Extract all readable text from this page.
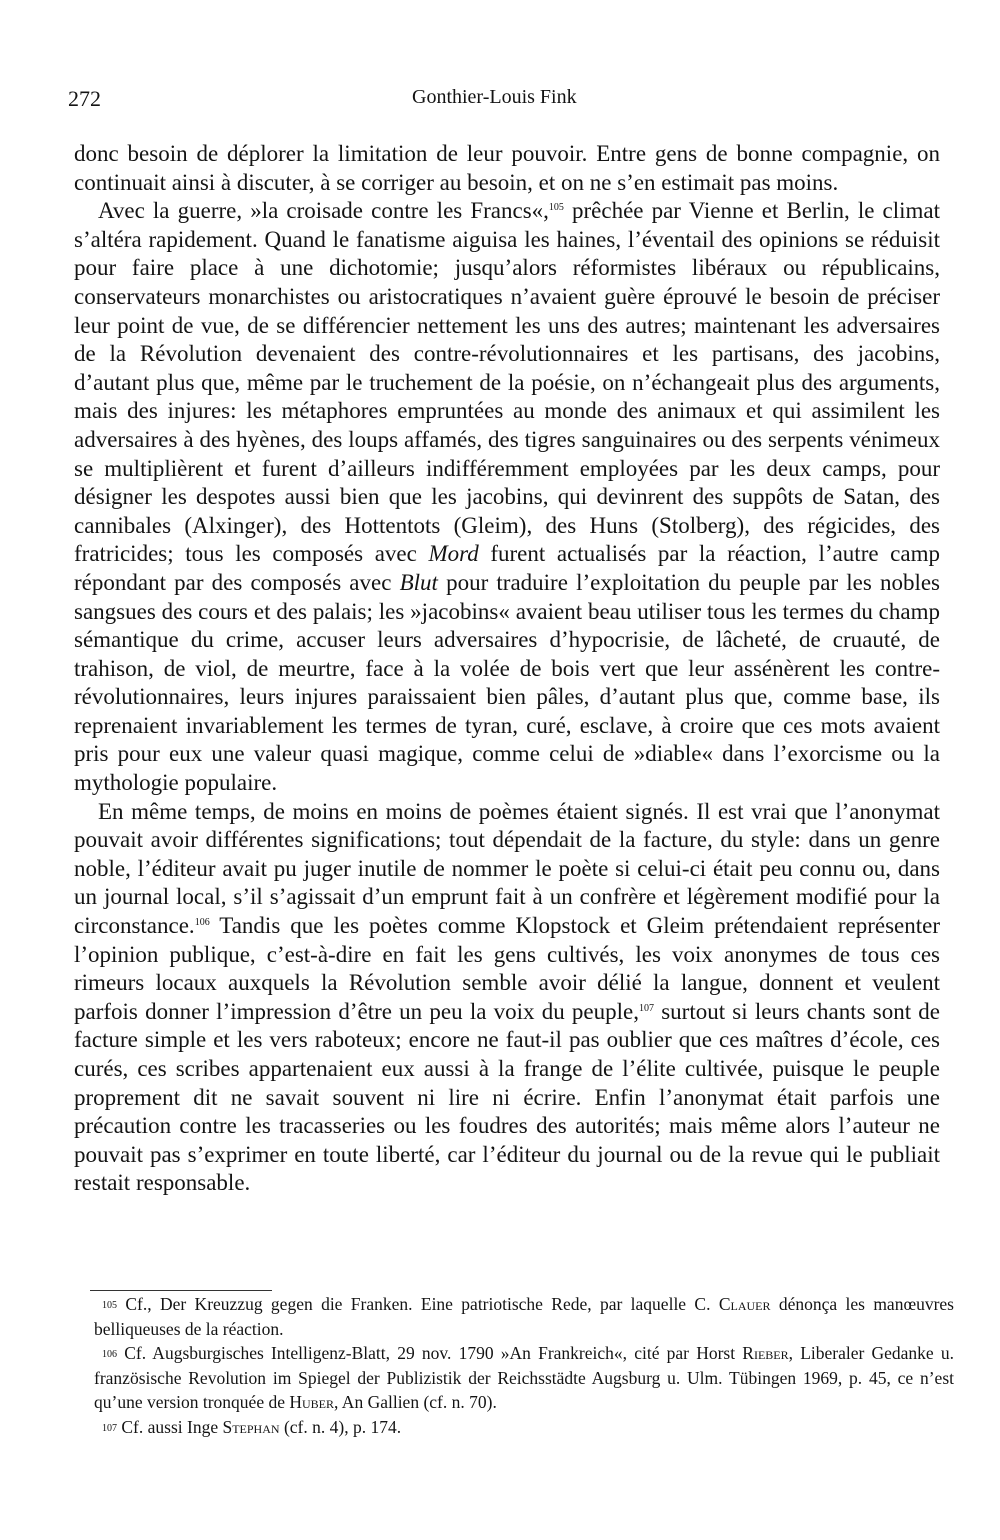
272	Gonthier-Louis Fink

donc besoin de déplorer la limitation de leur pouvoir. Entre gens de bonne compagnie, on continuait ainsi à discuter, à se corriger au besoin, et on ne s’en estimait pas moins.

Avec la guerre, »la croisade contre les Francs«,$^{105}$ prêchée par Vienne et Berlin, le climat s’altéra rapidement. Quand le fanatisme aiguisa les haines, l’éventail des opinions se réduisit pour faire place à une dichotomie; jusqu’alors réformistes libéraux ou républicains, conservateurs monarchistes ou aristocratiques n’avaient guère éprouvé le besoin de préciser leur point de vue, de se différencier nettement les uns des autres; maintenant les adversaires de la Révolution devenaient des contre-révolutionnaires et les partisans, des jacobins, d’autant plus que, même par le truchement de la poésie, on n’échangeait plus des arguments, mais des injures: les métaphores empruntées au monde des animaux et qui assimilent les adversaires à des hyènes, des loups affamés, des tigres sanguinaires ou des serpents vénimeux se multiplièrent et furent d’ailleurs indifféremment employées par les deux camps, pour désigner les despotes aussi bien que les jacobins, qui devinrent des suppôts de Satan, des cannibales (Alxinger), des Hottentots (Gleim), des Huns (Stolberg), des régicides, des fratricides; tous les composés avec Mord furent actualisés par la réaction, l’autre camp répondant par des composés avec Blut pour traduire l’exploitation du peuple par les nobles sangsues des cours et des palais; les »jacobins« avaient beau utiliser tous les termes du champ sémantique du crime, accuser leurs adversaires d’hypocrisie, de lâcheté, de cruauté, de trahison, de viol, de meurtre, face à la volée de bois vert que leur assénèrent les contre-révolutionnaires, leurs injures paraissaient bien pâles, d’autant plus que, comme base, ils reprenaient invariablement les termes de tyran, curé, esclave, à croire que ces mots avaient pris pour eux une valeur quasi magique, comme celui de »diable« dans l’exorcisme ou la mythologie populaire.

En même temps, de moins en moins de poèmes étaient signés. Il est vrai que l’anonymat pouvait avoir différentes significations; tout dépendait de la facture, du style: dans un genre noble, l’éditeur avait pu juger inutile de nommer le poète si celui-ci était peu connu ou, dans un journal local, s’il s’agissait d’un emprunt fait à un confrère et légèrement modifié pour la circonstance.$^{106}$ Tandis que les poètes comme Klopstock et Gleim prétendaient représenter l’opinion publique, c’est-à-dire en fait les gens cultivés, les voix anonymes de tous ces rimeurs locaux auxquels la Révolution semble avoir délié la langue, donnent et veulent parfois donner l’impression d’être un peu la voix du peuple,$^{107}$ surtout si leurs chants sont de facture simple et les vers raboteux; encore ne faut-il pas oublier que ces maîtres d’école, ces curés, ces scribes appartenaient eux aussi à la frange de l’élite cultivée, puisque le peuple proprement dit ne savait souvent ni lire ni écrire. Enfin l’anonymat était parfois une précaution contre les tracasseries ou les foudres des autorités; mais même alors l’auteur ne pouvait pas s’exprimer en toute liberté, car l’éditeur du journal ou de la revue qui le publiait restait responsable.

$^{105}$ Cf., Der Kreuzzug gegen die Franken. Eine patriotische Rede, par laquelle C. Clauer dénonça les manœuvres belliqueuses de la réaction.

$^{106}$ Cf. Augsburgisches Intelligenz-Blatt, 29 nov. 1790 »An Frankreich«, cité par Horst Rieber, Liberaler Gedanke u. französische Revolution im Spiegel der Publizistik der Reichsstädte Augsburg u. Ulm. Tübingen 1969, p. 45, ce n’est qu’une version tronquée de Huber, An Gallien (cf. n. 70).

$^{107}$ Cf. aussi Inge Stephan (cf. n. 4), p. 174.
